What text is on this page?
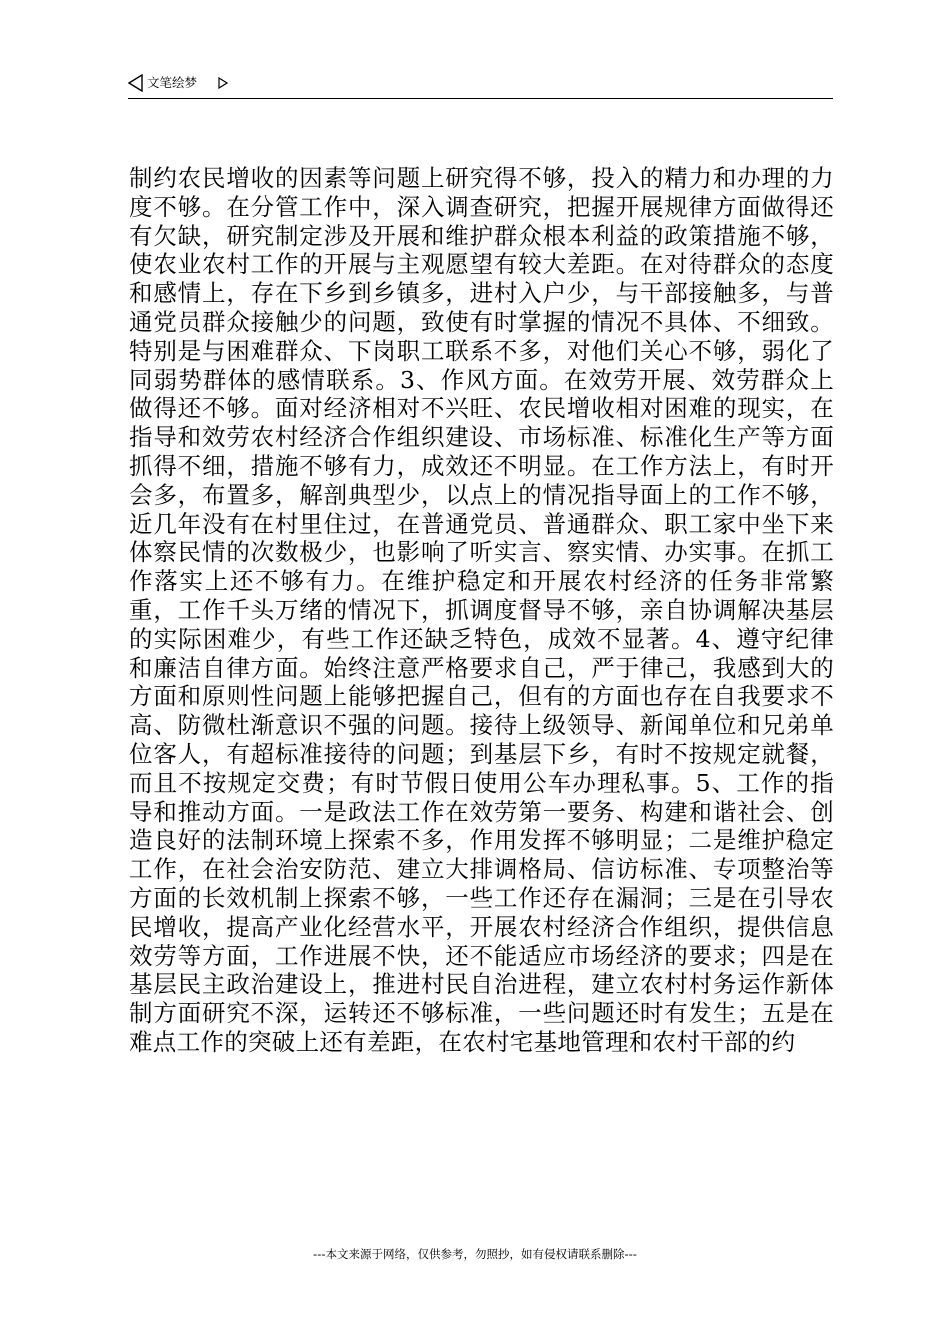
文笔绘梦

制约农民增收的因素等问题上研究得不够，投入的精力和办理的力度不够。在分管工作中，深入调查研究，把握开展规律方面做得还有欠缺，研究制定涉及开展和维护群众根本利益的政策措施不够，使农业农村工作的开展与主观愿望有较大差距。在对待群众的态度和感情上，存在下乡到乡镇多，进村入户少，与干部接触多，与普通党员群众接触少的问题，致使有时掌握的情况不具体、不细致。特别是与困难群众、下岗职工联系不多，对他们关心不够，弱化了同弱势群体的感情联系。3、作风方面。在效劳开展、效劳群众上做得还不够。面对经济相对不兴旺、农民增收相对困难的现实，在指导和效劳农村经济合作组织建设、市场标准、标准化生产等方面抓得不细，措施不够有力，成效还不明显。在工作方法上，有时开会多，布置多，解剖典型少，以点上的情况指导面上的工作不够，近几年没有在村里住过，在普通党员、普通群众、职工家中坐下来体察民情的次数极少，也影响了听实言、察实情、办实事。在抓工作落实上还不够有力。在维护稳定和开展农村经济的任务非常繁重，工作千头万绪的情况下，抓调度督导不够，亲自协调解决基层的实际困难少，有些工作还缺乏特色，成效不显著。4、遵守纪律和廉洁自律方面。始终注意严格要求自己，严于律己，我感到大的方面和原则性问题上能够把握自己，但有的方面也存在自我要求不高、防微杜渐意识不强的问题。接待上级领导、新闻单位和兄弟单位客人，有超标准接待的问题；到基层下乡，有时不按规定就餐，而且不按规定交费；有时节假日使用公车办理私事。5、工作的指导和推动方面。一是政法工作在效劳第一要务、构建和谐社会、创造良好的法制环境上探索不多，作用发挥不够明显；二是维护稳定工作，在社会治安防范、建立大排调格局、信访标准、专项整治等方面的长效机制上探索不够，一些工作还存在漏洞；三是在引导农民增收，提高产业化经营水平，开展农村经济合作组织，提供信息效劳等方面，工作进展不快，还不能适应市场经济的要求；四是在基层民主政治建设上，推进村民自治进程，建立农村村务运作新体制方面研究不深，运转还不够标准，一些问题还时有发生；五是在难点工作的突破上还有差距，在农村宅基地管理和农村干部的约

---本文来源于网络，仅供参考，勿照抄，如有侵权请联系删除---
